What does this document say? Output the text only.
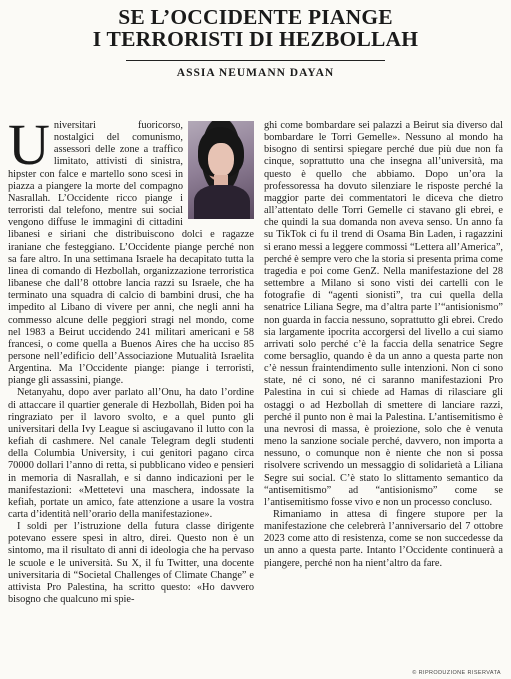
SE L’OCCIDENTE PIANGE
I TERRORISTI DI HEZBOLLAH
ASSIA NEUMANN DAYAN

Universitari fuoricorso, nostalgici del comunismo, assessori delle zone a traffico limitato, attivisti di sinistra, hipster con falce e martello sono scesi in piazza a piangere la morte del compagno Nasrallah. L’Occidente ricco piange i terroristi dal telefono, mentre sui social vengono diffuse le immagini di cittadini libanesi e siriani che distribuiscono dolci e ragazze iraniane che festeggiano. L’Occidente piange perché non sa fare altro. In una settimana Israele ha decapitato tutta la linea di comando di Hezbollah, organizzazione terroristica libanese che dall’8 ottobre lancia razzi su Israele, che ha terminato una squadra di calcio di bambini drusi, che ha impedito al Libano di vivere per anni, che negli anni ha commesso alcune delle peggiori stragi nel mondo, come nel 1983 a Beirut uccidendo 241 militari americani e 58 francesi, o come quella a Buenos Aires che ha ucciso 85 persone nell’edificio dell’Associazione Mutualità Israelita Argentina. Ma l’Occidente piange: piange i terroristi, piange gli assassini, piange.

Netanyahu, dopo aver parlato all’Onu, ha dato l’ordine di attaccare il quartier generale di Hezbollah, Biden poi ha ringraziato per il lavoro svolto, e a quel punto gli universitari della Ivy League si asciugavano il lutto con la kefiah di cashmere. Nel canale Telegram degli studenti della Columbia University, i cui genitori pagano circa 70000 dollari l’anno di retta, si pubblicano video e pensieri in memoria di Nasrallah, e si danno indicazioni per le manifestazioni: «Mettetevi una maschera, indossate la kefiah, portate un amico, fate attenzione a usare la vostra carta d’identità nell’orario della manifestazione».

I soldi per l’istruzione della futura classe dirigente potevano essere spesi in altro, direi. Questo non è un sintomo, ma il risultato di anni di ideologia che ha pervaso le scuole e le università. Su X, il fu Twitter, una docente universitaria di “Societal Challenges of Climate Change” e attivista Pro Palestina, ha scritto questo: «Ho davvero bisogno che qualcuno mi spie-

ghi come bombardare sei palazzi a Beirut sia diverso dal bombardare le Torri Gemelle». Nessuno al mondo ha bisogno di sentirsi spiegare perché due più due non fa cinque, soprattutto una che insegna all’università, ma questo è quello che abbiamo. Dopo un’ora la professoressa ha dovuto silenziare le risposte perché la maggior parte dei commentatori le diceva che dietro all’attentato delle Torri Gemelle ci stavano gli ebrei, e che quindi la sua domanda non aveva senso. Un anno fa su TikTok ci fu il trend di Osama Bin Laden, i ragazzini si erano messi a leggere commossi “Lettera all’America”, perché è sempre vero che la storia si presenta prima come tragedia e poi come GenZ. Nella manifestazione del 28 settembre a Milano si sono visti dei cartelli con le fotografie di “agenti sionisti”, tra cui quella della senatrice Liliana Segre, ma d’altra parte l’“antisionismo” non guarda in faccia nessuno, soprattutto gli ebrei. Credo sia largamente ipocrita accorgersi del livello a cui siamo arrivati solo perché c’è la faccia della senatrice Segre come bersaglio, quando è da un anno a questa parte non c’è nessun fraintendimento sulle intenzioni. Non ci sono state, né ci sono, né ci saranno manifestazioni Pro Palestina in cui si chiede ad Hamas di rilasciare gli ostaggi o ad Hezbollah di smettere di lanciare razzi, perché il punto non è mai la Palestina. L’antisemitismo è una nevrosi di massa, è proiezione, solo che è venuta meno la sanzione sociale perché, davvero, non importa a nessuno, o comunque non è niente che non si possa risolvere scrivendo un messaggio di solidarietà a Liliana Segre sui social. C’è stato lo slittamento semantico da “antisemitismo” ad “antisionismo” come se l’antisemitismo fosse vivo e non un processo concluso.

Rimaniamo in attesa di fingere stupore per la manifestazione che celebrerà l’anniversario del 7 ottobre 2023 come atto di resistenza, come se non succedesse da un anno a questa parte. Intanto l’Occidente continuerà a piangere, perché non ha nient’altro da fare.

© RIPRODUZIONE RISERVATA
